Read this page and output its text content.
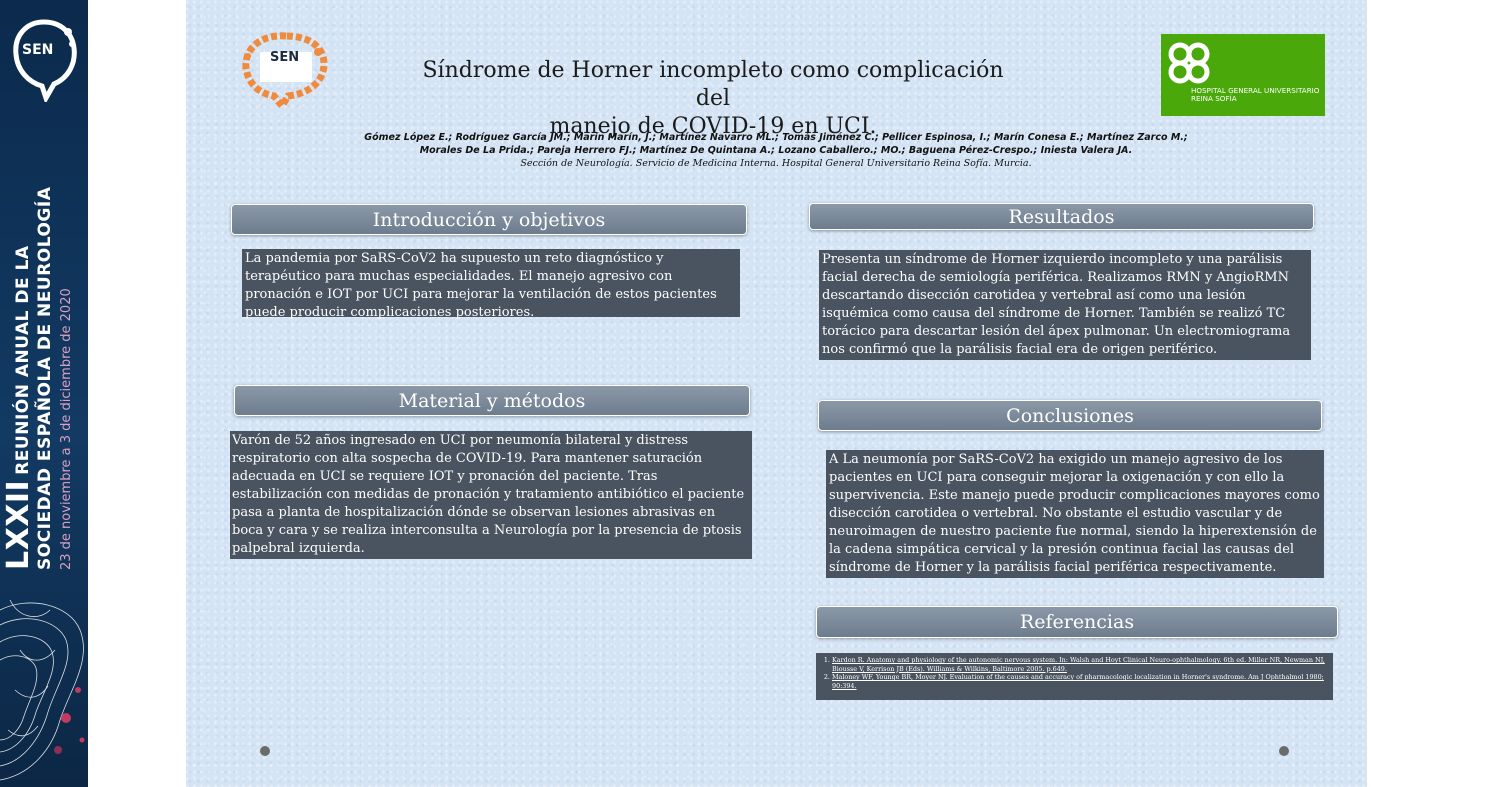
SEN
LXXIIREUNIÓN ANUAL DE LA SOCIEDAD ESPAÑOLA DE NEUROLOGÍA 23 de noviembre a 3 de diciembre de 2020
SEN
Síndrome de Horner incompleto como complicación del
manejo de COVID-19 en UCI.
HOSPITAL GENERAL UNIVERSITARIO
REINA SOFÍA
Gómez López E.; Rodríguez García JM.; Marín Marín, J.; Martínez Navarro ML.; Tomás Jiménez C.; Pellicer Espinosa, I.; Marín Conesa E.; Martínez Zarco M.;
Morales De La Prida.; Pareja Herrero FJ.; Martínez De Quintana A.; Lozano Caballero.; MO.; Baguena Pérez-Crespo.; Iniesta Valera JA.
Sección de Neurología. Servicio de Medicina Interna. Hospital General Universitario Reina Sofía. Murcia.
Introducción y objetivos
La pandemia por SaRS-CoV2 ha supuesto un reto diagnóstico y terapéutico para muchas especialidades. El manejo agresivo con pronación e IOT por UCI para mejorar la ventilación de estos pacientes puede producir complicaciones posteriores.
Material y métodos
Varón de 52 años ingresado en UCI por neumonía bilateral y distress respiratorio con alta sospecha de COVID-19. Para mantener saturación adecuada en UCI se requiere IOT y pronación del paciente. Tras estabilización con medidas de pronación y tratamiento antibiótico el paciente pasa a planta de hospitalización dónde se observan lesiones abrasivas en boca y cara y se realiza interconsulta a Neurología por la presencia de ptosis palpebral izquierda.
Resultados
Presenta un síndrome de Horner izquierdo incompleto y una parálisis facial derecha de semiología periférica. Realizamos RMN y AngioRMN descartando disección carotidea y vertebral así como una lesión isquémica como causa del síndrome de Horner. También se realizó TC torácico para descartar lesión del ápex pulmonar. Un electromiograma nos confirmó que la parálisis facial era de origen periférico.
Conclusiones
A La neumonía por SaRS-CoV2 ha exigido un manejo agresivo de los pacientes en UCI para conseguir mejorar la oxigenación y con ello la supervivencia. Este manejo puede producir complicaciones mayores como disección carotidea o vertebral. No obstante el estudio vascular y de neuroimagen de nuestro paciente fue normal, siendo la hiperextensión de la cadena simpática cervical y la presión continua facial las causas del síndrome de Horner y la parálisis facial periférica respectivamente.
Referencias
1. Kardon R. Anatomy and physiology of the autonomic nervous system. In: Walsh and Hoyt Clinical Neuro-ophthalmology. 6th ed. Miller NR, Newman NJ, Biousse V, Kerrison JB (Eds). Williams & Wilkins, Baltimore 2005. p.649.
2. Maloney WF, Younge BR, Moyer NJ. Evaluation of the causes and accuracy of pharmacologic localization in Horner's syndrome. Am J Ophthalmol 1980; 90:394.
